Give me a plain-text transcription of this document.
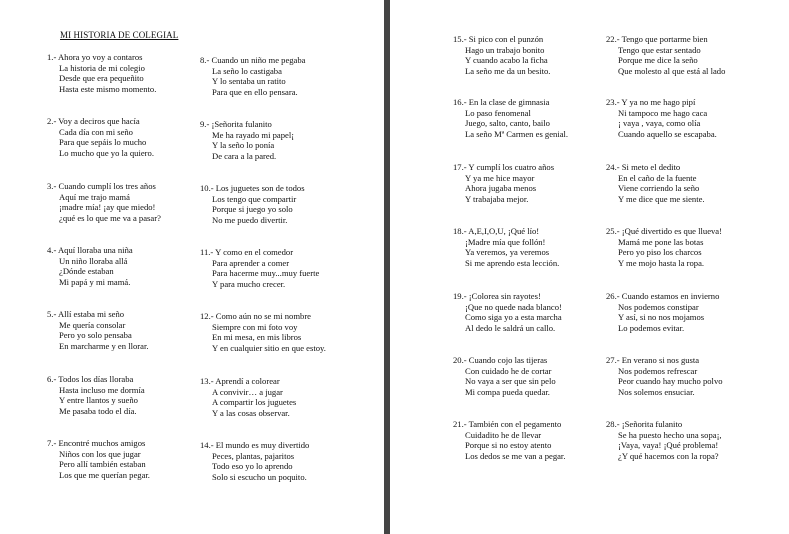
MI HISTORIA DE COLEGIAL
1.- Ahora yo voy a contaros
La historia de mi colegio
Desde que era pequeñito
Hasta este mismo momento.
2.- Voy a deciros que hacía
Cada día con mi seño
Para que sepáis lo mucho
Lo mucho que yo la quiero.
3.- Cuando cumplí los tres años
Aquí me trajo mamá
¡madre mía! ¡ay que miedo!
¿qué es lo que me va a pasar?
4.- Aquí lloraba una niña
Un niño lloraba allá
¿Dónde estaban
Mi papá y mi mamá.
5.- Allí estaba mi seño
Me quería consolar
Pero yo solo pensaba
En marcharme y en llorar.
6.- Todos los días lloraba
Hasta incluso me dormía
Y entre llantos y sueño
Me pasaba todo el día.
7.- Encontré muchos amigos
Niños con los que jugar
Pero allí también estaban
Los que me querían pegar.
8.- Cuando un niño me pegaba
La seño lo castigaba
Y lo sentaba un ratito
Para que en ello pensara.
9.- ¡Señorita fulanito
Me ha rayado mi papel¡
Y la seño lo ponía
De cara a la pared.
10.- Los juguetes son de todos
Los tengo que compartir
Porque si juego yo solo
No me puedo divertir.
11.- Y como en el comedor
Para aprender a comer
Para hacerme muy...muy fuerte
Y para mucho crecer.
12.- Como aún no se mi nombre
Siempre con mi foto voy
En mi mesa, en mis libros
Y en cualquier sitio en que estoy.
13.- Aprendí a colorear
A convivir… a jugar
A compartir los juguetes
Y a las cosas observar.
14.- El mundo es muy divertido
Peces, plantas, pajaritos
Todo eso yo lo aprendo
Solo si escucho un poquito.
15.- Si pico con el punzón
Hago un trabajo bonito
Y cuando acabo la ficha
La seño me da un besito.
16.- En la clase de gimnasia
Lo paso fenomenal
Juego, salto, canto, bailo
La seño Mª Carmen es genial.
17.- Y cumplí los cuatro años
Y ya me hice mayor
Ahora jugaba menos
Y trabajaba mejor.
18.- A,E,I,O,U, ¡Qué lío!
¡Madre mía que follón!
Ya veremos, ya veremos
Si me aprendo esta lección.
19.- ¡Colorea sin rayotes!
¡Que no quede nada blanco!
Como siga yo a esta marcha
Al dedo le saldrá un callo.
20.- Cuando cojo las tijeras
Con cuidado he de cortar
No vaya a ser que sin pelo
Mi compa pueda quedar.
21.- También con el pegamento
Cuidadito he de llevar
Porque si no estoy atento
Los dedos se me van a pegar.
22.- Tengo que portarme bien
Tengo que estar sentado
Porque me dice la seño
Que molesto al que está al lado
23.- Y ya no me hago pipí
Ni tampoco me hago caca
¡ vaya , vaya, como olía
Cuando aquello se escapaba.
24.- Si meto el dedito
En el caño de la fuente
Viene corriendo la seño
Y me dice que me siente.
25.- ¡Qué divertido es que llueva!
Mamá me pone las botas
Pero yo piso los charcos
Y me mojo hasta la ropa.
26.- Cuando estamos en invierno
Nos podemos constipar
Y así, si no nos mojamos
Lo podemos evitar.
27.- En verano si nos gusta
Nos podemos refrescar
Peor cuando hay mucho polvo
Nos solemos ensuciar.
28.- ¡Señorita fulanito
Se ha puesto hecho una sopa¡,
¡Vaya, vaya! ¡Qué problema!
¿Y qué hacemos con la ropa?
